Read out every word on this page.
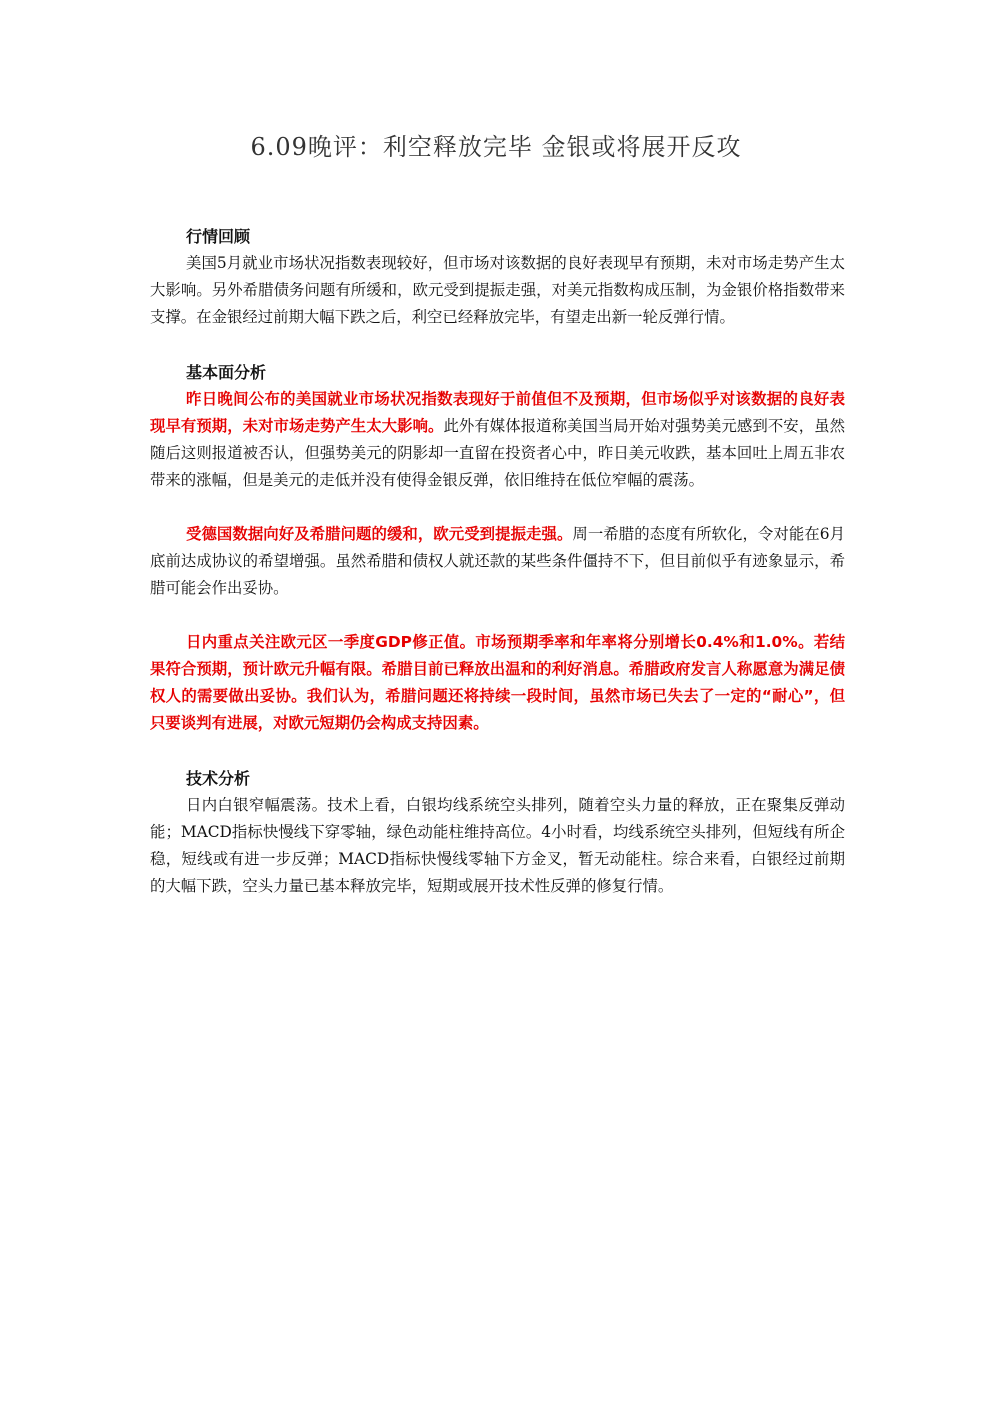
6.09晚评：利空释放完毕 金银或将展开反攻

行情回顾

美国5月就业市场状况指数表现较好，但市场对该数据的良好表现早有预期，未对市场走势产生太大影响。另外希腊债务问题有所缓和，欧元受到提振走强，对美元指数构成压制，为金银价格指数带来支撑。在金银经过前期大幅下跌之后，利空已经释放完毕，有望走出新一轮反弹行情。

基本面分析

昨日晚间公布的美国就业市场状况指数表现好于前值但不及预期，但市场似乎对该数据的良好表现早有预期，未对市场走势产生太大影响。此外有媒体报道称美国当局开始对强势美元感到不安，虽然随后这则报道被否认，但强势美元的阴影却一直留在投资者心中，昨日美元收跌，基本回吐上周五非农带来的涨幅，但是美元的走低并没有使得金银反弹，依旧维持在低位窄幅的震荡。

受德国数据向好及希腊问题的缓和，欧元受到提振走强。周一希腊的态度有所软化，令对能在6月底前达成协议的希望增强。虽然希腊和债权人就还款的某些条件僵持不下，但目前似乎有迹象显示，希腊可能会作出妥协。

日内重点关注欧元区一季度GDP修正值。市场预期季率和年率将分别增长0.4%和1.0%。若结果符合预期，预计欧元升幅有限。希腊目前已释放出温和的利好消息。希腊政府发言人称愿意为满足债权人的需要做出妥协。我们认为，希腊问题还将持续一段时间，虽然市场已失去了一定的“耐心”，但只要谈判有进展，对欧元短期仍会构成支持因素。

技术分析

日内白银窄幅震荡。技术上看，白银均线系统空头排列，随着空头力量的释放，正在聚集反弹动能；MACD指标快慢线下穿零轴，绿色动能柱维持高位。4小时看，均线系统空头排列，但短线有所企稳，短线或有进一步反弹；MACD指标快慢线零轴下方金叉，暂无动能柱。综合来看，白银经过前期的大幅下跌，空头力量已基本释放完毕，短期或展开技术性反弹的修复行情。
